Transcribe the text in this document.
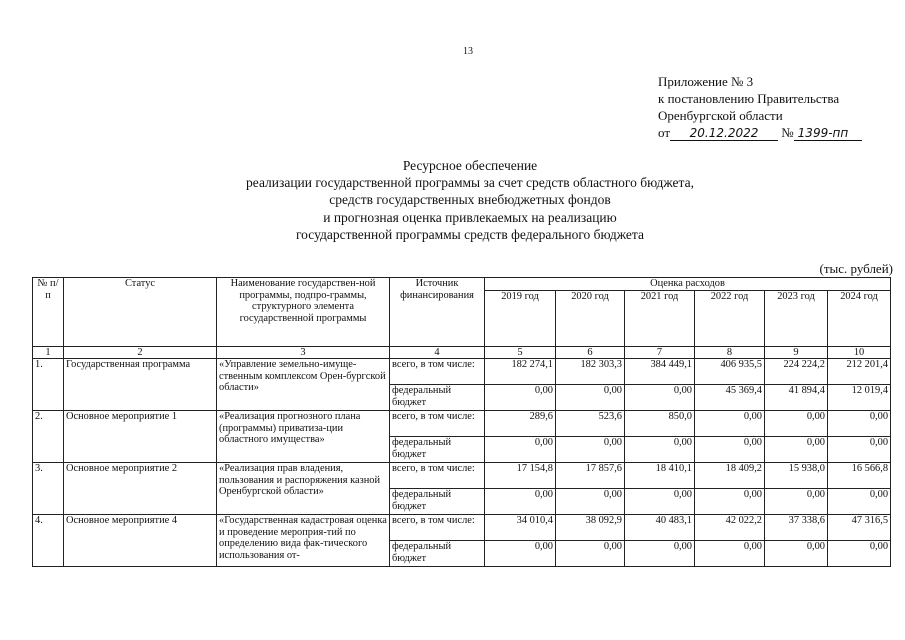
13
Приложение № 3
к постановлению Правительства
Оренбургской области
от 20.12.2022 № 1399-пп
Ресурсное обеспечение
реализации государственной программы за счет средств областного бюджета,
средств государственных внебюджетных фондов
и прогнозная оценка привлекаемых на реализацию
государственной программы средств федерального бюджета
(тыс. рублей)
№ п/п	Статус	Наименование государствен-ной программы, подпро-граммы, структурного элемента государственной программы	Источник финансирования	Оценка расходов					
				2019 год	2020 год	2021 год	2022 год	2023 год	2024 год
1	2	3	4	5	6	7	8	9	10
1.	Государственная программа	«Управление земельно-имуще-ственным комплексом Орен-бургской области»	всего, в том числе:	182 274,1	182 303,3	384 449,1	406 935,5	224 224,2	212 201,4
			федеральный бюджет	0,00	0,00	0,00	45 369,4	41 894,4	12 019,4
2.	Основное мероприятие 1	«Реализация прогнозного плана (программы) приватиза-ции областного имущества»	всего, в том числе:	289,6	523,6	850,0	0,00	0,00	0,00
			федеральный бюджет	0,00	0,00	0,00	0,00	0,00	0,00
3.	Основное мероприятие 2	«Реализация прав владения, пользования и распоряжения казной Оренбургской области»	всего, в том числе:	17 154,8	17 857,6	18 410,1	18 409,2	15 938,0	16 566,8
			федеральный бюджет	0,00	0,00	0,00	0,00	0,00	0,00
4.	Основное мероприятие 4	«Государственная кадастровая оценка и проведение мероприя-тий по определению вида фак-тического использования от-	всего, в том числе:	34 010,4	38 092,9	40 483,1	42 022,2	37 338,6	47 316,5
			федеральный бюджет	0,00	0,00	0,00	0,00	0,00	0,00
